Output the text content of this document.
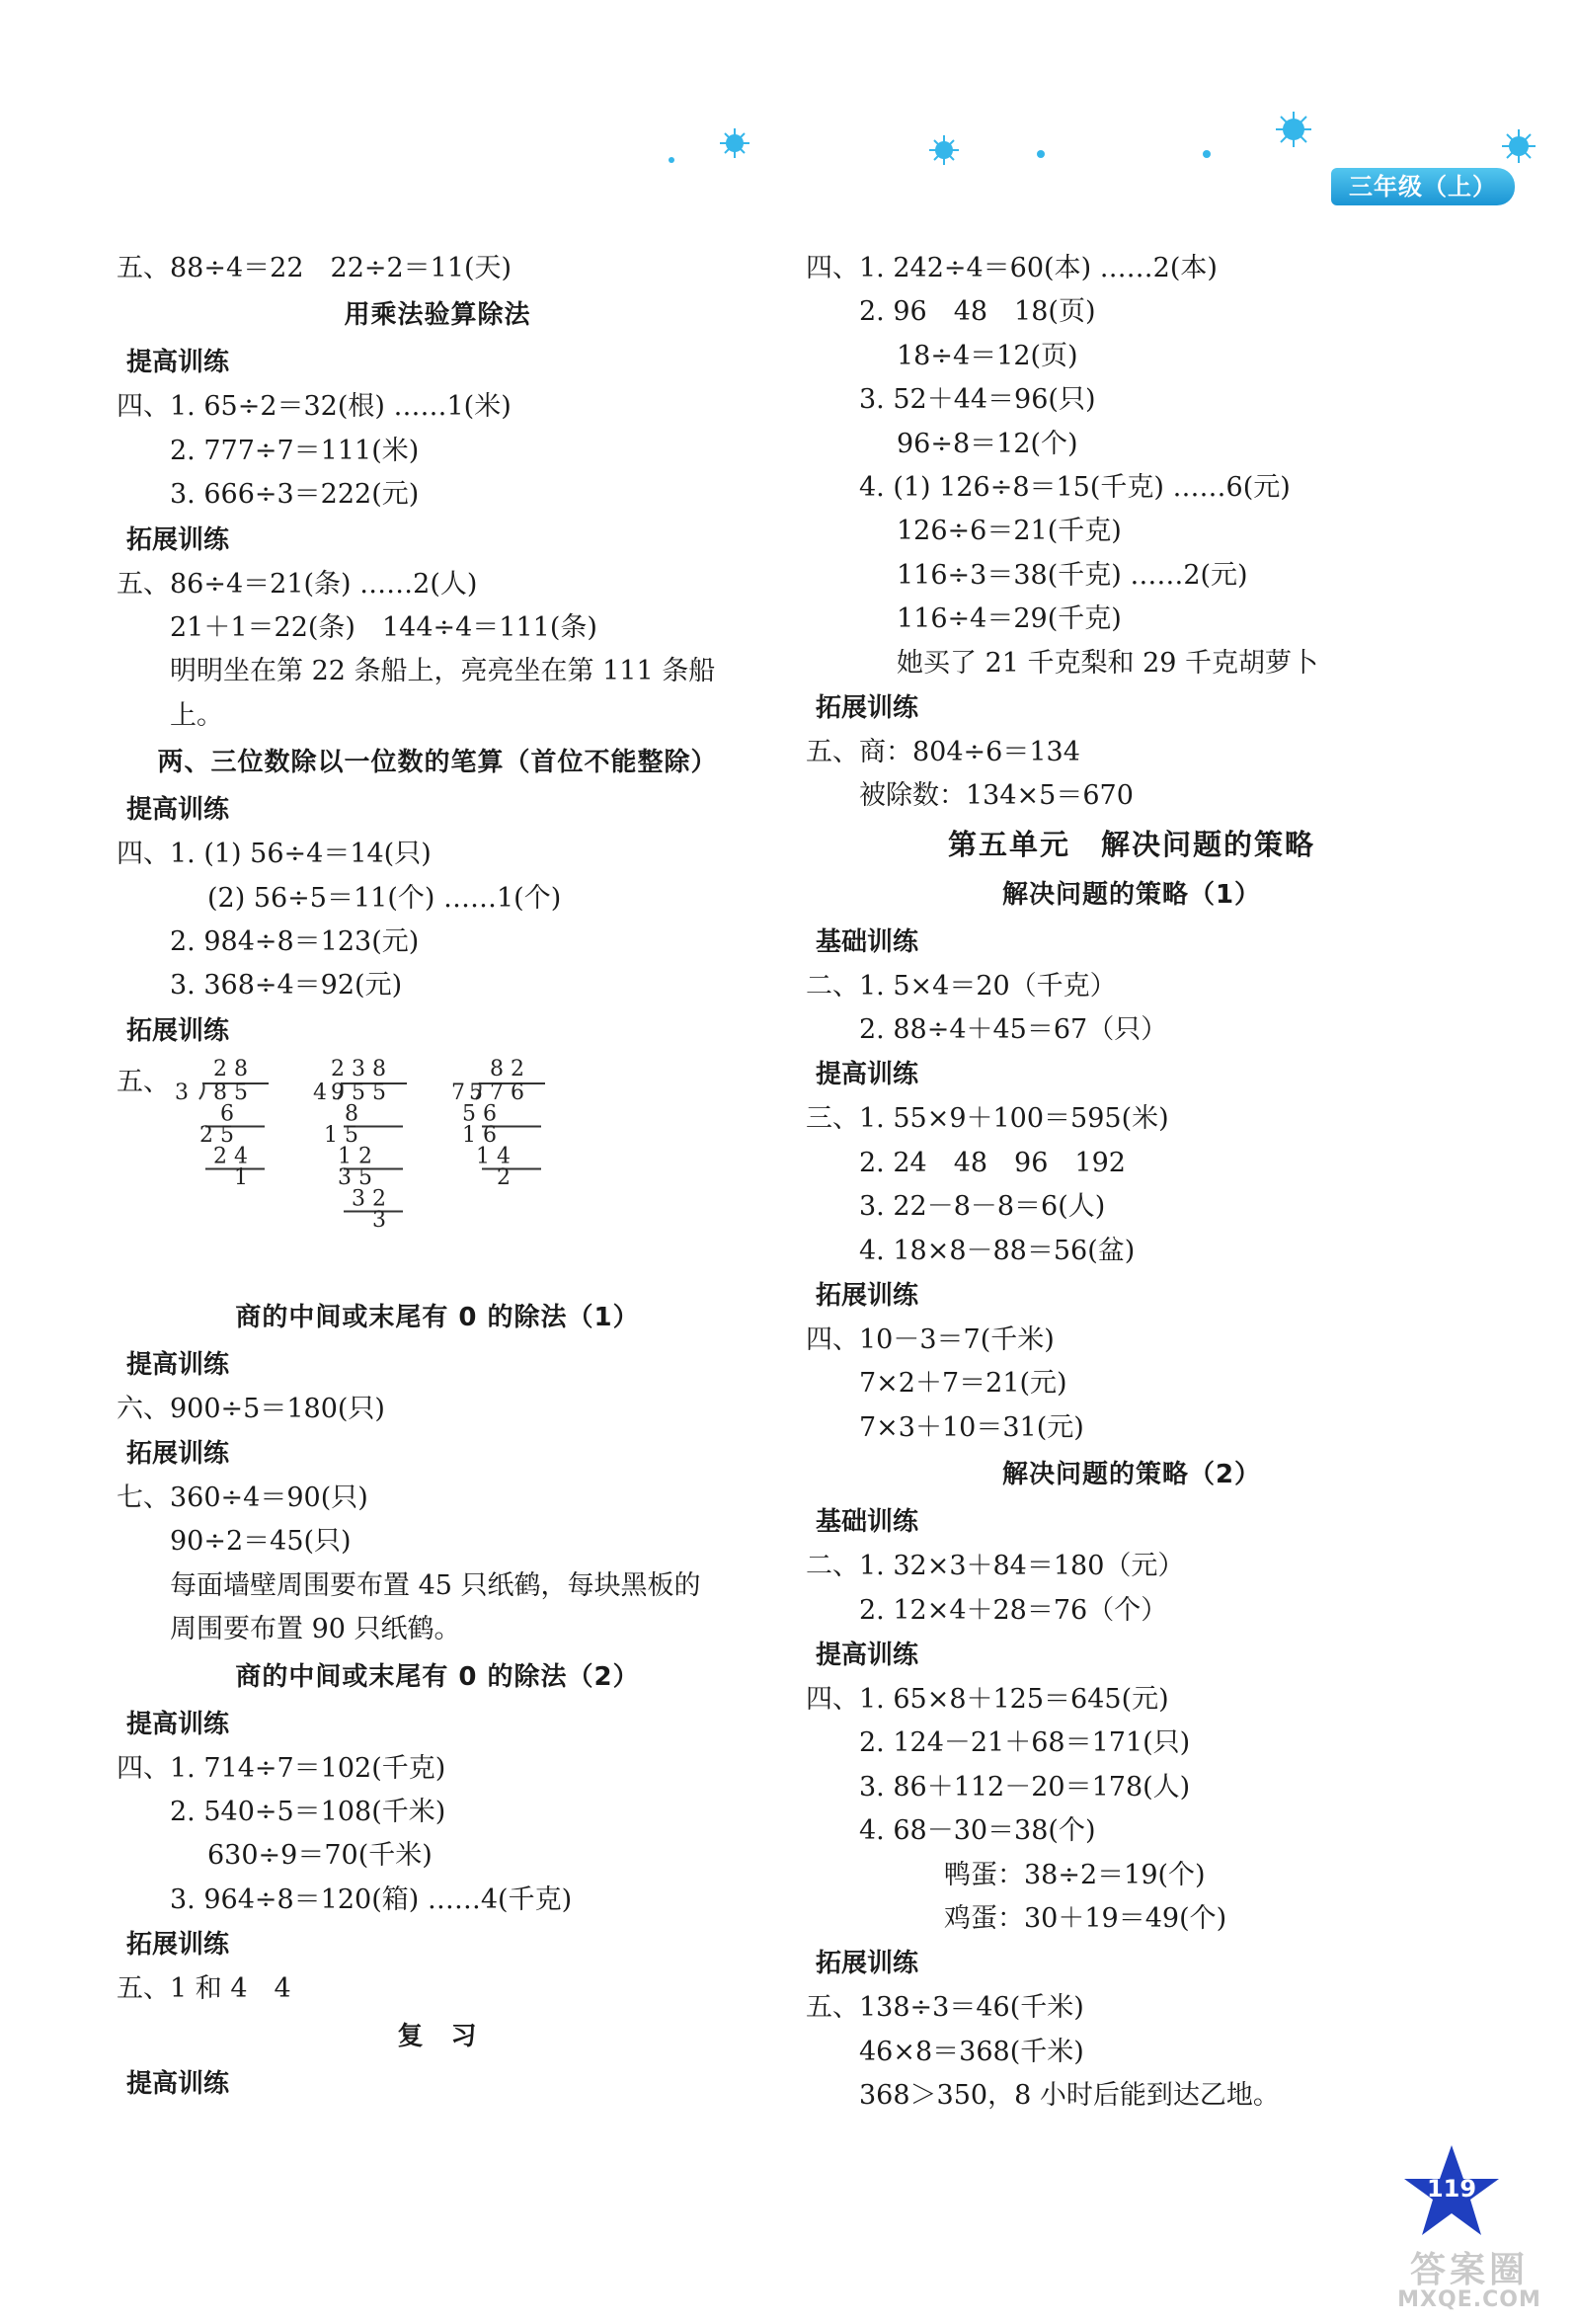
三年级（上）
五、88÷4＝22　22÷2＝11(天)
用乘法验算除法
提高训练
四、1. 65÷2＝32(根) ……1(米)
2. 777÷7＝111(米)
3. 666÷3＝222(元)
拓展训练
五、86÷4＝21(条) ……2(人)
21＋1＝22(条)　144÷4＝111(条)
明明坐在第 22 条船上，亮亮坐在第 111 条船
上。
两、三位数除以一位数的笔算（首位不能整除）
提高训练
四、1. (1) 56÷4＝14(只)
(2) 56÷5＝11(个) ……1(个)
2. 984÷8＝123(元)
3. 368÷4＝92(元)
拓展训练
五、 28
3 85
6
25
24
1
238
4
955
8
15
12
35
32
3
82
7
576
56
16
14
2
商的中间或末尾有 0 的除法（1）
提高训练
六、900÷5＝180(只)
拓展训练
七、360÷4＝90(只)
90÷2＝45(只)
每面墙壁周围要布置 45 只纸鹤，每块黑板的
周围要布置 90 只纸鹤。
商的中间或末尾有 0 的除法（2）
提高训练
四、1. 714÷7＝102(千克)
2. 540÷5＝108(千米)
630÷9＝70(千米)
3. 964÷8＝120(箱) ……4(千克)
拓展训练
五、1 和 4　4
复　习
提高训练
四、1. 242÷4＝60(本) ……2(本)
2. 96　48　18(页)
18÷4＝12(页)
3. 52＋44＝96(只)
96÷8＝12(个)
4. (1) 126÷8＝15(千克) ……6(元)
126÷6＝21(千克)
116÷3＝38(千克) ……2(元)
116÷4＝29(千克)
她买了 21 千克梨和 29 千克胡萝卜
拓展训练
五、商：804÷6＝134
被除数：134×5＝670
第五单元　解决问题的策略
解决问题的策略（1）
基础训练
二、1. 5×4＝20（千克）
2. 88÷4＋45＝67（只）
提高训练
三、1. 55×9＋100＝595(米)
2. 24　48　96　192
3. 22－8－8＝6(人)
4. 18×8－88＝56(盆)
拓展训练
四、10－3＝7(千米)
7×2＋7＝21(元)
7×3＋10＝31(元)
解决问题的策略（2）
基础训练
二、1. 32×3＋84＝180（元）
2. 12×4＋28＝76（个）
提高训练
四、1. 65×8＋125＝645(元)
2. 124－21＋68＝171(只)
3. 86＋112－20＝178(人)
4. 68－30＝38(个)
鸭蛋：38÷2＝19(个)
鸡蛋：30＋19＝49(个)
拓展训练
五、138÷3＝46(千米)
46×8＝368(千米)
368＞350，8 小时后能到达乙地。
119
答案圈
MXQE.COM
